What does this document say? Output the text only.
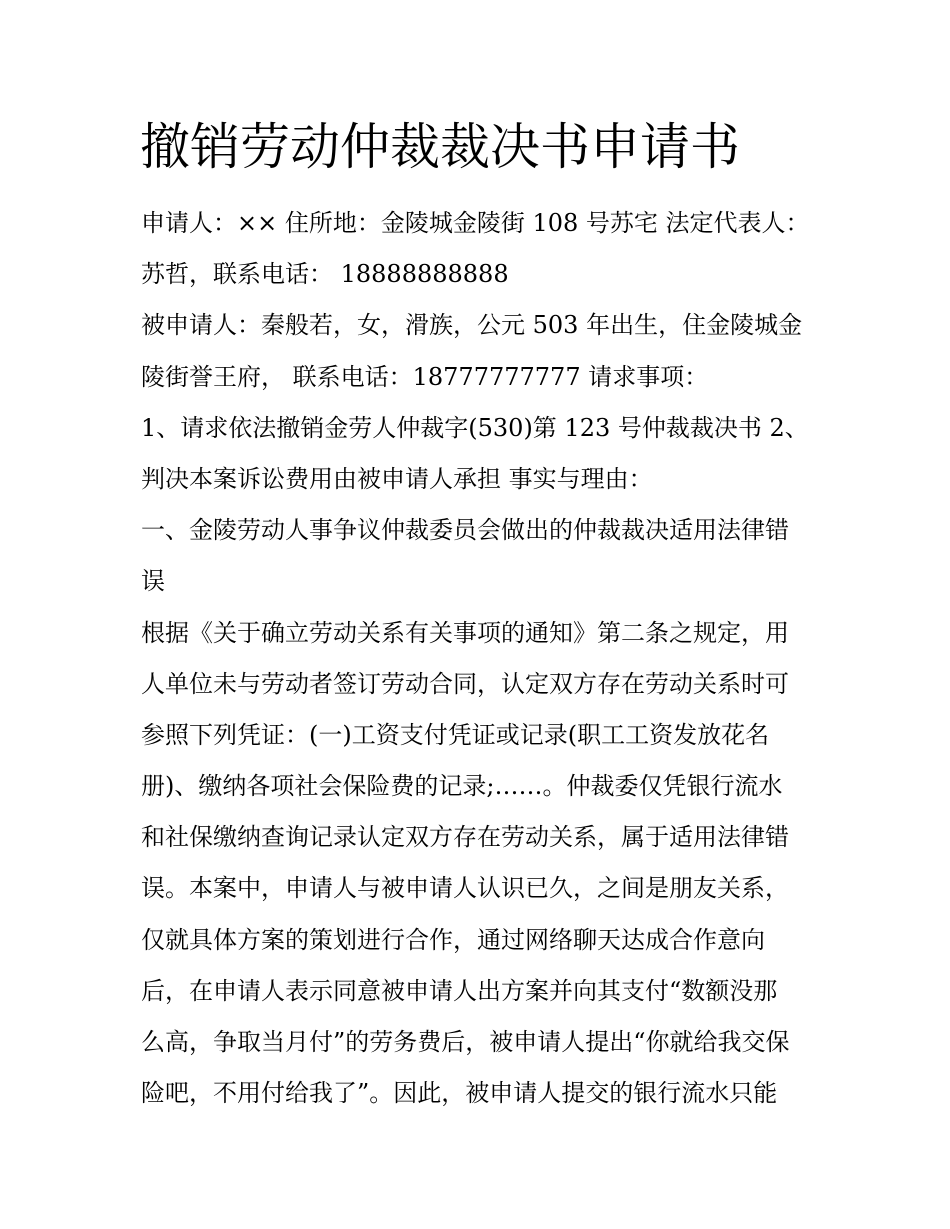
撤销劳动仲裁裁决书申请书
申请人：×× 住所地：金陵城金陵街 108 号苏宅 法定代表人：
苏哲，联系电话： 18888888888
被申请人：秦般若，女，滑族，公元 503 年出生，住金陵城金
陵街誉王府， 联系电话：18777777777 请求事项：
1、请求依法撤销金劳人仲裁字(530)第 123 号仲裁裁决书 2、
判决本案诉讼费用由被申请人承担 事实与理由：
一、金陵劳动人事争议仲裁委员会做出的仲裁裁决适用法律错
误
根据《关于确立劳动关系有关事项的通知》第二条之规定，用
人单位未与劳动者签订劳动合同，认定双方存在劳动关系时可
参照下列凭证：(一)工资支付凭证或记录(职工工资发放花名
册)、缴纳各项社会保险费的记录;……。仲裁委仅凭银行流水
和社保缴纳查询记录认定双方存在劳动关系，属于适用法律错
误。本案中，申请人与被申请人认识已久，之间是朋友关系，
仅就具体方案的策划进行合作，通过网络聊天达成合作意向
后，在申请人表示同意被申请人出方案并向其支付“数额没那
么高，争取当月付”的劳务费后，被申请人提出“你就给我交保
险吧，不用付给我了”。因此，被申请人提交的银行流水只能
